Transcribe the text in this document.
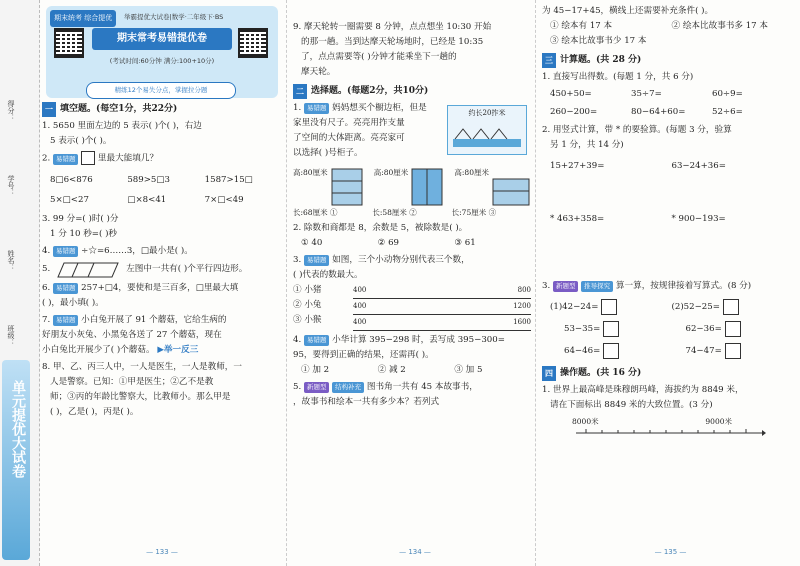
得分：
学号：
姓名：
班级：
单元提优大试卷
期末统考 综合提优	举霸提优大试卷|数学·二年级下·BS
期末常考易错提优卷
(考试时间:60分钟 满分:100+10分)
精练12个易失分点，掌握拉分题
一 填空题。(每空1分，共22分)
1. 5650 里面左边的 5 表示( )个( )，右边
5 表示( )个( )。
2. 易错题	里最大能填几？
8□6<876	589>5□3	1587>15□
5×□<27	□×8<41	7×□<49
3. 99 分=( )时( )分
1 分 10 秒=( )秒
4. 易错题 ÷☆=6……3，□最小是( )。
5.	左图中一共有( )个平行四边形。
6. 易错题 257+□4，要使和是三百多，□里最大填
( )，最小填( )。
7. 易错题 小白兔开展了 91 个蘑菇，它给生病的
好朋友小灰兔、小黑兔各送了 27 个蘑菇，现在
小白兔比开展少了( )个蘑菇。 ▶举一反三
8. 甲、乙、丙三人中，一人是医生，一人是教师，一
人是警察。已知：①甲是医生；②乙不是教
师；③丙的年龄比警察大，比教师小。那么甲是
( )，乙是( )，丙是( )。
— 133 —
9. 摩天轮转一圈需要 8 分钟，点点想坐 10:30 开始
的那一趟。当到达摩天轮场地时，已经是 10:35
了，点点需要等( )分钟才能乘坐下一趟的
摩天轮。
二 选择题。(每题2分，共10分)
1. 易错题 妈妈想买个橱边柜，但是
家里没有尺子。亮亮用拃支量
了空间的大体距离。亮亮家可
以选择( )号柜子。
约长20拃米
高:80厘米	高:80厘米	高:80厘米
长:68厘米 ①	长:58厘米 ②	长:75厘米 ③
2. 除数和商都是 8，余数是 5，被除数是( )。
① 40	② 69	③ 61
3. 易错题 如图，三个小动物分别代表三个数，
( )代表的数最大。
① 小猪
② 小兔
③ 小猴
400	800
400	1200
400	1600
4. 易错题 小华计算 395−298 时，丢写成 395−300=
95，要得到正确的结果，还需再( )。
① 加 2	② 减 2	③ 加 5
5. 新题型 结构补充 图书角一共有 45 本故事书，
，故事书和绘本一共有多少本？若列式
— 134 —
为 45−17+45，横线上还需要补充条件( )。
① 绘本有 17 本	② 绘本比故事书多 17 本
③ 绘本比故事书少 17 本
三 计算题。(共 28 分)
1. 直接写出得数。(每题 1 分，共 6 分)
450+50=	35÷7=	60÷9=
260−200=	80−64+60=	52÷6=
2. 用竖式计算，带 * 的要验算。(每题 3 分，验算
另 1 分，共 14 分)
15+27+39=	63−24+36=
* 463+358=	* 900−193=
3. 新题型 推导探究 算一算，按规律接着写算式。(8 分)
(1)42−24=	(2)52−25=
53−35=	62−36=
64−46=	74−47=
四 操作题。(共 16 分)
1. 世界上最高峰是珠穆朗玛峰，海拔约为 8849 米，
请在下面标出 8849 米的大致位置。(3 分)
8000米	9000米
— 135 —
